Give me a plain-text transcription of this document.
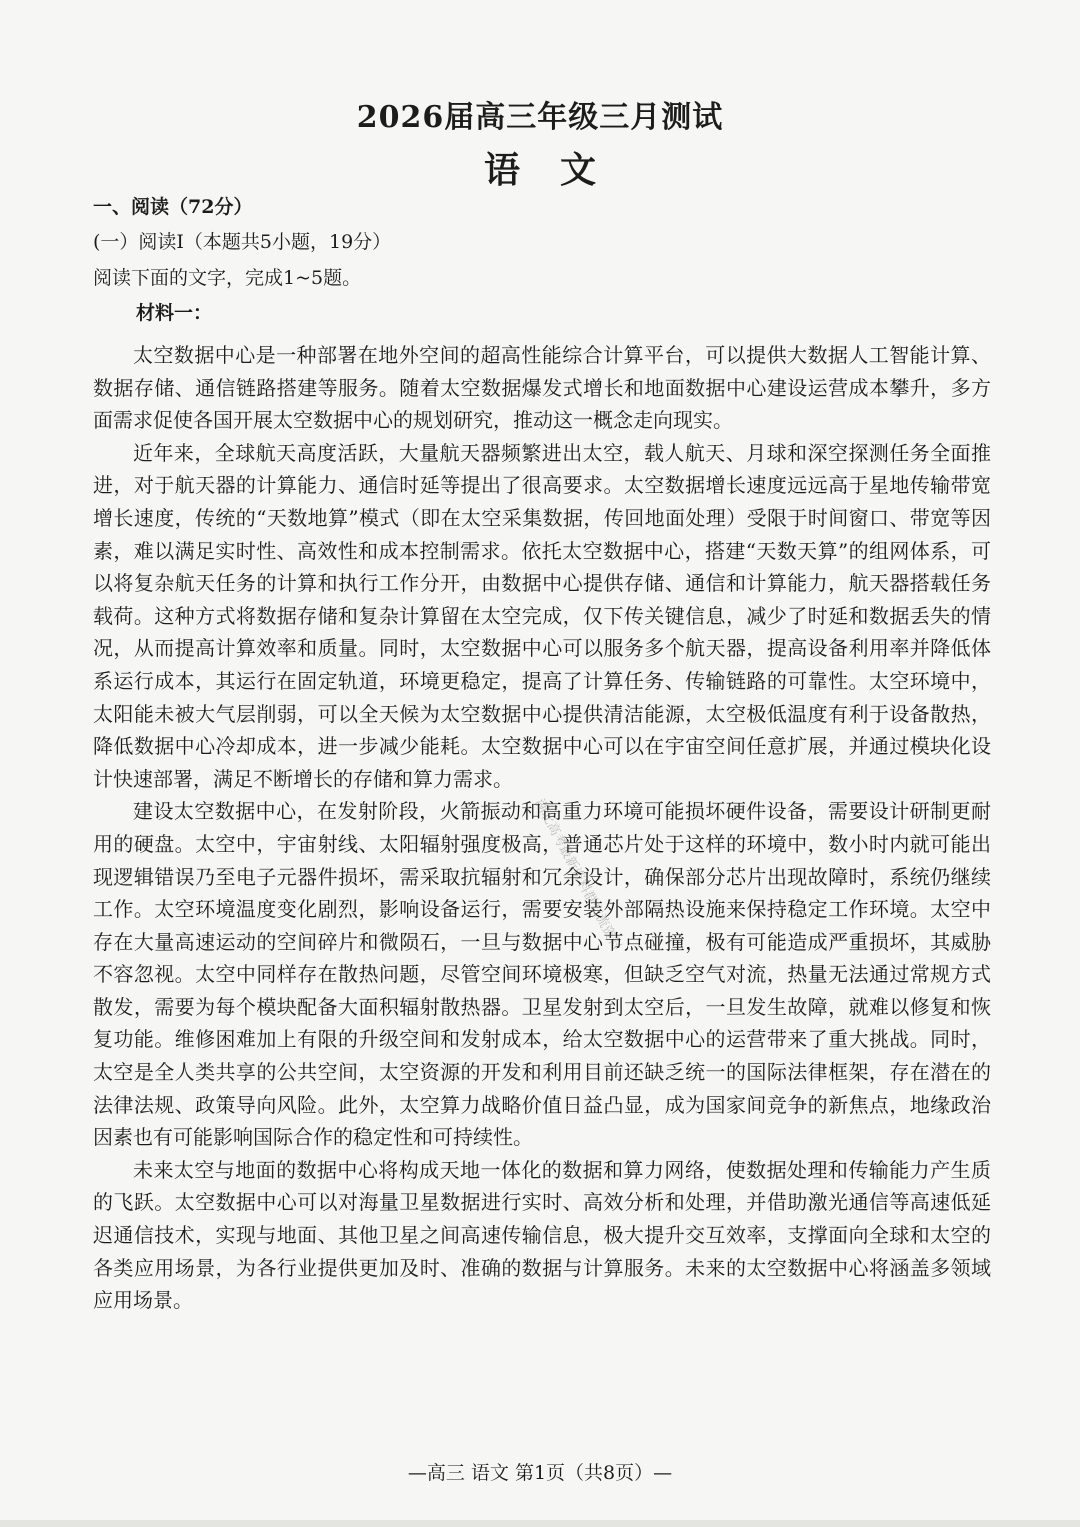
2026届高三年级三月测试
语文
一、阅读（72分）
(一）阅读Ⅰ（本题共5小题，19分）
阅读下面的文字，完成1~5题。
材料一：

太空数据中心是一种部署在地外空间的超高性能综合计算平台，可以提供大数据人工智能计算、数据存储、通信链路搭建等服务。随着太空数据爆发式增长和地面数据中心建设运营成本攀升，多方面需求促使各国开展太空数据中心的规划研究，推动这一概念走向现实。

近年来，全球航天高度活跃，大量航天器频繁进出太空，载人航天、月球和深空探测任务全面推进，对于航天器的计算能力、通信时延等提出了很高要求。太空数据增长速度远远高于星地传输带宽增长速度，传统的“天数地算”模式（即在太空采集数据，传回地面处理）受限于时间窗口、带宽等因素，难以满足实时性、高效性和成本控制需求。依托太空数据中心，搭建“天数天算”的组网体系，可以将复杂航天任务的计算和执行工作分开，由数据中心提供存储、通信和计算能力，航天器搭载任务载荷。这种方式将数据存储和复杂计算留在太空完成，仅下传关键信息，减少了时延和数据丢失的情况，从而提高计算效率和质量。同时，太空数据中心可以服务多个航天器，提高设备利用率并降低体系运行成本，其运行在固定轨道，环境更稳定，提高了计算任务、传输链路的可靠性。太空环境中，太阳能未被大气层削弱，可以全天候为太空数据中心提供清洁能源，太空极低温度有利于设备散热，降低数据中心冷却成本，进一步减少能耗。太空数据中心可以在宇宙空间任意扩展，并通过模块化设计快速部署，满足不断增长的存储和算力需求。

建设太空数据中心，在发射阶段，火箭振动和高重力环境可能损坏硬件设备，需要设计研制更耐用的硬盘。太空中，宇宙射线、太阳辐射强度极高，普通芯片处于这样的环境中，数小时内就可能出现逻辑错误乃至电子元器件损坏，需采取抗辐射和冗余设计，确保部分芯片出现故障时，系统仍继续工作。太空环境温度变化剧烈，影响设备运行，需要安装外部隔热设施来保持稳定工作环境。太空中存在大量高速运动的空间碎片和微陨石，一旦与数据中心节点碰撞，极有可能造成严重损坏，其威胁不容忽视。太空中同样存在散热问题，尽管空间环境极寒，但缺乏空气对流，热量无法通过常规方式散发，需要为每个模块配备大面积辐射散热器。卫星发射到太空后，一旦发生故障，就难以修复和恢复功能。维修困难加上有限的升级空间和发射成本，给太空数据中心的运营带来了重大挑战。同时，太空是全人类共享的公共空间，太空资源的开发和利用目前还缺乏统一的国际法律框架，存在潜在的法律法规、政策导向风险。此外，太空算力战略价值日益凸显，成为国家间竞争的新焦点，地缘政治因素也有可能影响国际合作的稳定性和可持续性。

未来太空与地面的数据中心将构成天地一体化的数据和算力网络，使数据处理和传输能力产生质的飞跃。太空数据中心可以对海量卫星数据进行实时、高效分析和处理，并借助激光通信等高速低延迟通信技术，实现与地面、其他卫星之间高速传输信息，极大提升交互效率，支撑面向全球和太空的各类应用场景，为各行业提供更加及时、准确的数据与计算服务。未来的太空数据中心将涵盖多领域应用场景。

湖北高考最新资料群交流资料
—高三 语文 第1页（共8页）—
